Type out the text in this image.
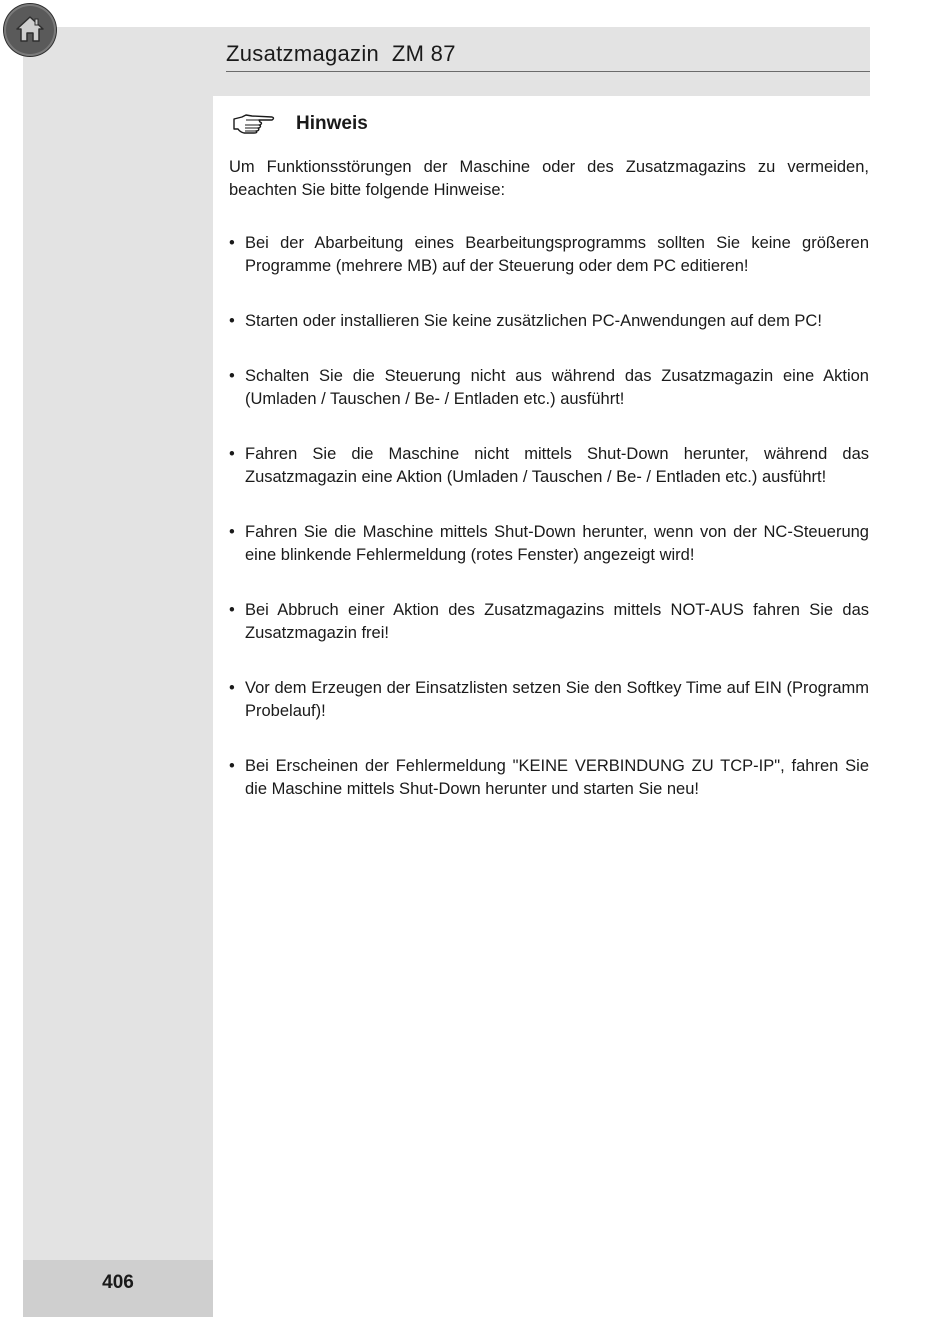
Zusatzmagazin  ZM 87
Hinweis

Um Funktionsstörungen der Maschine oder des Zusatzmagazins zu vermeiden, beachten Sie bitte folgende Hinweise:

• Bei der Abarbeitung eines Bearbeitungsprogramms sollten Sie keine größeren Programme (mehrere MB) auf der Steuerung oder dem PC editieren!
• Starten oder installieren Sie keine zusätzlichen PC-Anwendungen auf dem PC!
• Schalten Sie die Steuerung nicht aus während das Zusatzmagazin eine Aktion (Umladen / Tauschen / Be- / Entladen etc.) ausführt!
• Fahren Sie die Maschine nicht mittels Shut-Down herunter, während das Zusatzmagazin eine Aktion (Umladen / Tauschen / Be- / Entladen etc.) ausführt!
• Fahren Sie die Maschine mittels Shut-Down herunter, wenn von der NC-Steuerung eine blinkende Fehlermeldung (rotes Fenster) angezeigt wird!
• Bei Abbruch einer Aktion des Zusatzmagazins mittels NOT-AUS fahren Sie das Zusatzmagazin frei!
• Vor dem Erzeugen der Einsatzlisten setzen Sie den Softkey Time auf EIN (Programm Probelauf)!
• Bei Erscheinen der Fehlermeldung "KEINE VERBINDUNG ZU TCP-IP", fahren Sie die Maschine mittels Shut-Down herunter und starten Sie neu!
406
